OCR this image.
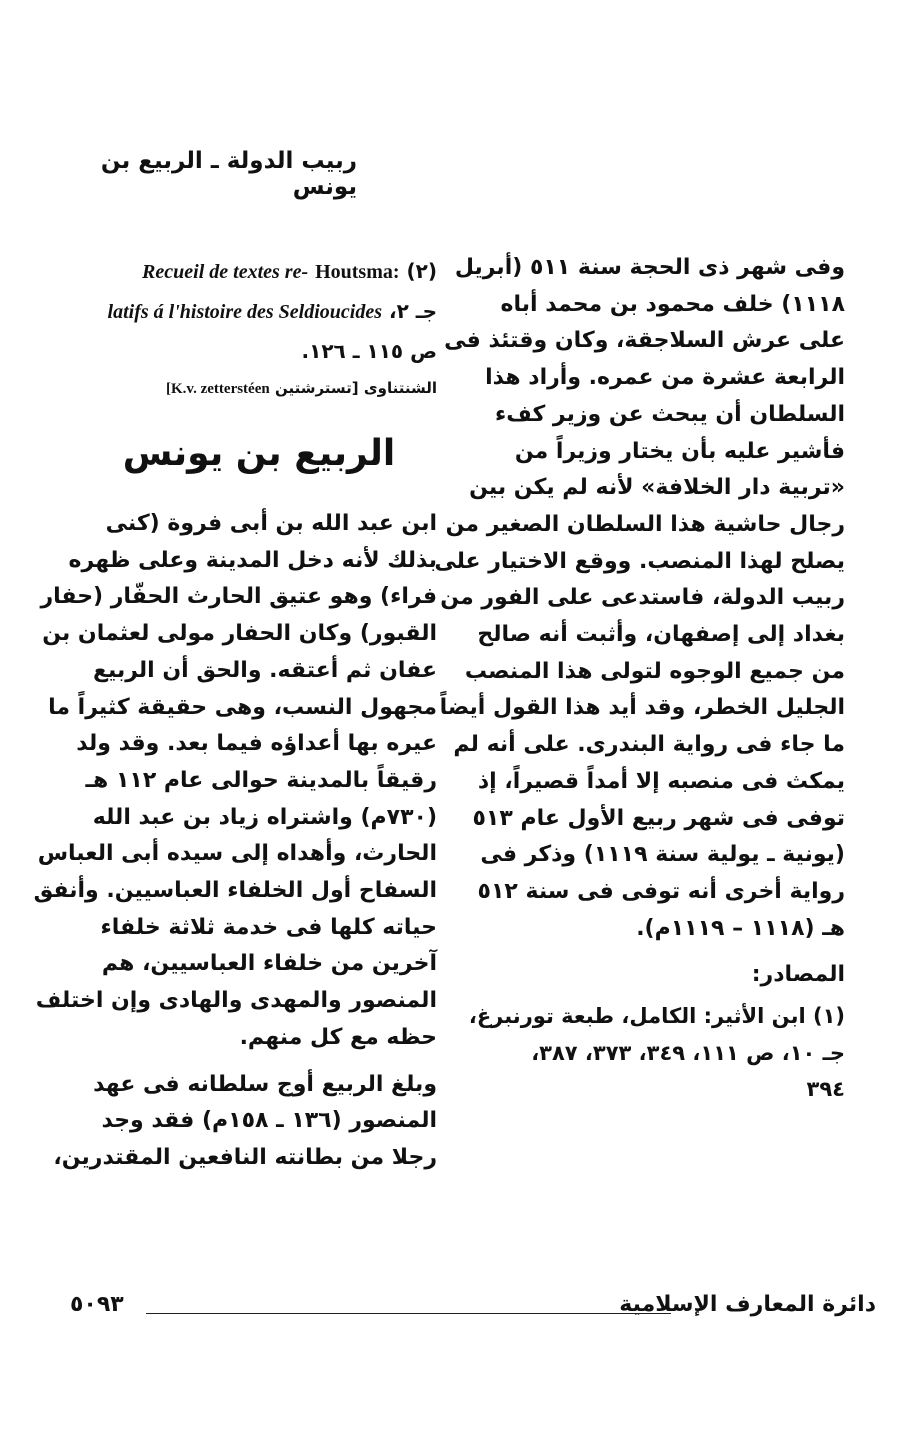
ربيب الدولة ـ الربيع بن يونس

وفى شهر ذى الحجة سنة ٥١١ (أبريل
١١١٨) خلف محمود بن محمد أباه
على عرش السلاجقة، وكان وقتئذ فى
الرابعة عشرة من عمره. وأراد هذا
السلطان أن يبحث عن وزير كفء
فأشير عليه بأن يختار وزيراً من
«تربية دار الخلافة» لأنه لم يكن بين
رجال حاشية هذا السلطان الصغير من
يصلح لهذا المنصب. ووقع الاختيار على
ربيب الدولة، فاستدعى على الفور من
بغداد إلى إصفهان، وأثبت أنه صالح
من جميع الوجوه لتولى هذا المنصب
الجليل الخطر، وقد أيد هذا القول أيضاً
ما جاء فى رواية البندرى. على أنه لم
يمكث فى منصبه إلا أمداً قصيراً، إذ
توفى فى شهر ربيع الأول عام ٥١٣
(يونية ـ يولية سنة ١١١٩) وذكر فى
رواية أخرى أنه توفى فى سنة ٥١٢
هـ (١١١٨ – ١١١٩م).

المصادر:

(١) ابن الأثير: الكامل، طبعة تورنبرغ،
جـ ١٠، ص ١١١، ٣٤٩، ٣٧٣، ٣٨٧،
٣٩٤

(٢) Houtsma: Recueil de textes re-
جـ ٢، latifs á l'histoire des Seldioucides
ص ١١٥ ـ ١٢٦.

الشنتناوى [تسترشتين [K.v. zetterstéen

الربيع بن يونس

ابن عبد الله بن أبى فروة (كنى
بذلك لأنه دخل المدينة وعلى ظهره
فراء) وهو عتيق الحارث الحفّار (حفار
القبور) وكان الحفار مولى لعثمان بن
عفان ثم أعتقه. والحق أن الربيع
مجهول النسب، وهى حقيقة كثيراً ما
عيره بها أعداؤه فيما بعد. وقد ولد
رقيقاً بالمدينة حوالى عام ١١٢ هـ
(٧٣٠م) واشتراه زياد بن عبد الله
الحارث، وأهداه إلى سيده أبى العباس
السفاح أول الخلفاء العباسيين. وأنفق
حياته كلها فى خدمة ثلاثة خلفاء
آخرين من خلفاء العباسيين، هم
المنصور والمهدى والهادى وإن اختلف
حظه مع كل منهم.

وبلغ الربيع أوج سلطانه فى عهد
المنصور (١٣٦ ـ ١٥٨م) فقد وجد
رجلا من بطانته النافعين المقتدرين،

دائرة المعارف الإسلامية
٥٠٩٣
